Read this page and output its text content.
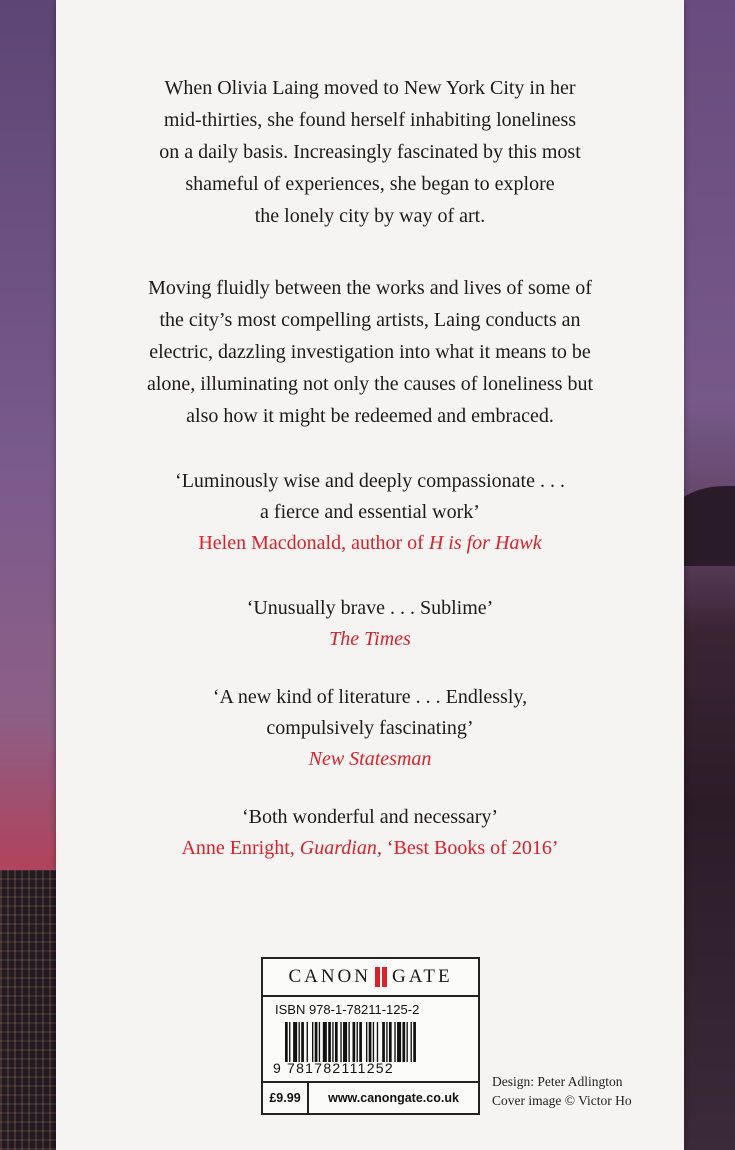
When Olivia Laing moved to New York City in her
mid-thirties, she found herself inhabiting loneliness
on a daily basis. Increasingly fascinated by this most
shameful of experiences, she began to explore
the lonely city by way of art.

Moving fluidly between the works and lives of some of
the city’s most compelling artists, Laing conducts an
electric, dazzling investigation into what it means to be
alone, illuminating not only the causes of loneliness but
also how it might be redeemed and embraced.

‘Luminously wise and deeply compassionate . . .
a fierce and essential work’
Helen Macdonald, author of H is for Hawk

‘Unusually brave . . . Sublime’
The Times

‘A new kind of literature . . . Endlessly,
compulsively fascinating’
New Statesman

‘Both wonderful and necessary’
Anne Enright, Guardian, ‘Best Books of 2016’

CANON GATE
ISBN 978-1-78211-125-2
9 781782111252
£9.99	www.canongate.co.uk

Design: Peter Adlington
Cover image © Victor Ho
